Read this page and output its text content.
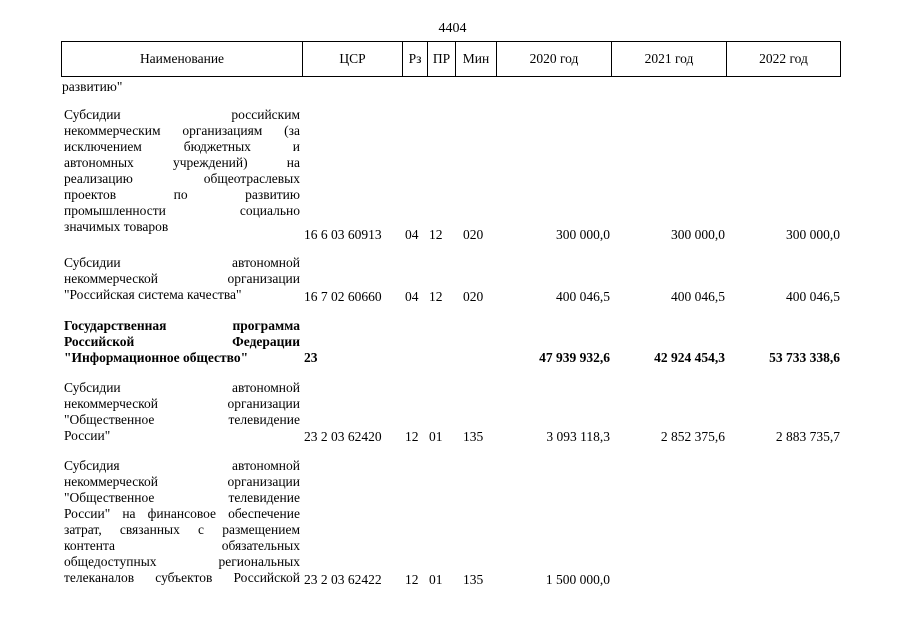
4404
Наименование	ЦСР	Рз ПР Мин	2020 год	2021 год	2022 год
развитию"
Субсидии российским
некоммерческим организациям (за
исключением бюджетных и
автономных учреждений) на
реализацию общеотраслевых
проектов по развитию
промышленности социально
значимых товаров
16 6 03 60913 04 12 020	300 000,0	300 000,0	300 000,0
Субсидии автономной
некоммерческой организации
"Российская система качества"	16 7 02 60660 04 12 020	400 046,5	400 046,5	400 046,5
Государственная программа
Российской Федерации
"Информационное общество"	23	47 939 932,6	42 924 454,3	53 733 338,6
Субсидии автономной
некоммерческой организации
"Общественное телевидение
России"	23 2 03 62420 12 01 135	3 093 118,3	2 852 375,6	2 883 735,7
Субсидия автономной
некоммерческой организации
"Общественное телевидение
России" на финансовое обеспечение
затрат, связанных с размещением
контента обязательных
общедоступных региональных
телеканалов субъектов Российской 23 2 03 62422 12 01 135	1 500 000,0
